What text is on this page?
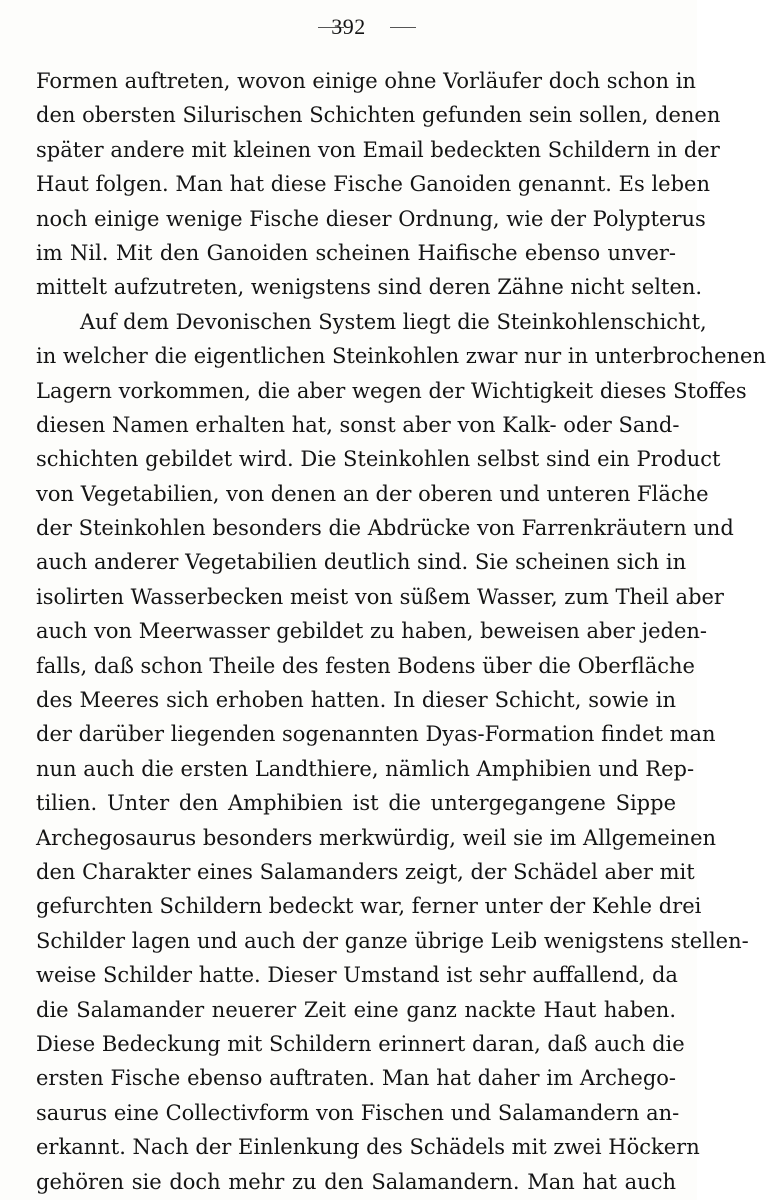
392
Formen auftreten, wovon einige ohne Vorläufer doch schon in
den obersten Silurischen Schichten gefunden sein sollen, denen
später andere mit kleinen von Email bedeckten Schildern in der
Haut folgen. Man hat diese Fische Ganoiden genannt. Es leben
noch einige wenige Fische dieser Ordnung, wie der Polypterus
im Nil. Mit den Ganoiden scheinen Haifische ebenso unver-
mittelt aufzutreten, wenigstens sind deren Zähne nicht selten.
Auf dem Devonischen System liegt die Steinkohlenschicht,
in welcher die eigentlichen Steinkohlen zwar nur in unterbrochenen
Lagern vorkommen, die aber wegen der Wichtigkeit dieses Stoffes
diesen Namen erhalten hat, sonst aber von Kalk- oder Sand-
schichten gebildet wird. Die Steinkohlen selbst sind ein Product
von Vegetabilien, von denen an der oberen und unteren Fläche
der Steinkohlen besonders die Abdrücke von Farrenkräutern und
auch anderer Vegetabilien deutlich sind. Sie scheinen sich in
isolirten Wasserbecken meist von süßem Wasser, zum Theil aber
auch von Meerwasser gebildet zu haben, beweisen aber jeden-
falls, daß schon Theile des festen Bodens über die Oberfläche
des Meeres sich erhoben hatten. In dieser Schicht, sowie in
der darüber liegenden sogenannten Dyas-Formation findet man
nun auch die ersten Landthiere, nämlich Amphibien und Rep-
tilien. Unter den Amphibien ist die untergegangene Sippe
Archegosaurus besonders merkwürdig, weil sie im Allgemeinen
den Charakter eines Salamanders zeigt, der Schädel aber mit
gefurchten Schildern bedeckt war, ferner unter der Kehle drei
Schilder lagen und auch der ganze übrige Leib wenigstens stellen-
weise Schilder hatte. Dieser Umstand ist sehr auffallend, da
die Salamander neuerer Zeit eine ganz nackte Haut haben.
Diese Bedeckung mit Schildern erinnert daran, daß auch die
ersten Fische ebenso auftraten. Man hat daher im Archego-
saurus eine Collectivform von Fischen und Salamandern an-
erkannt. Nach der Einlenkung des Schädels mit zwei Höckern
gehören sie doch mehr zu den Salamandern. Man hat auch
